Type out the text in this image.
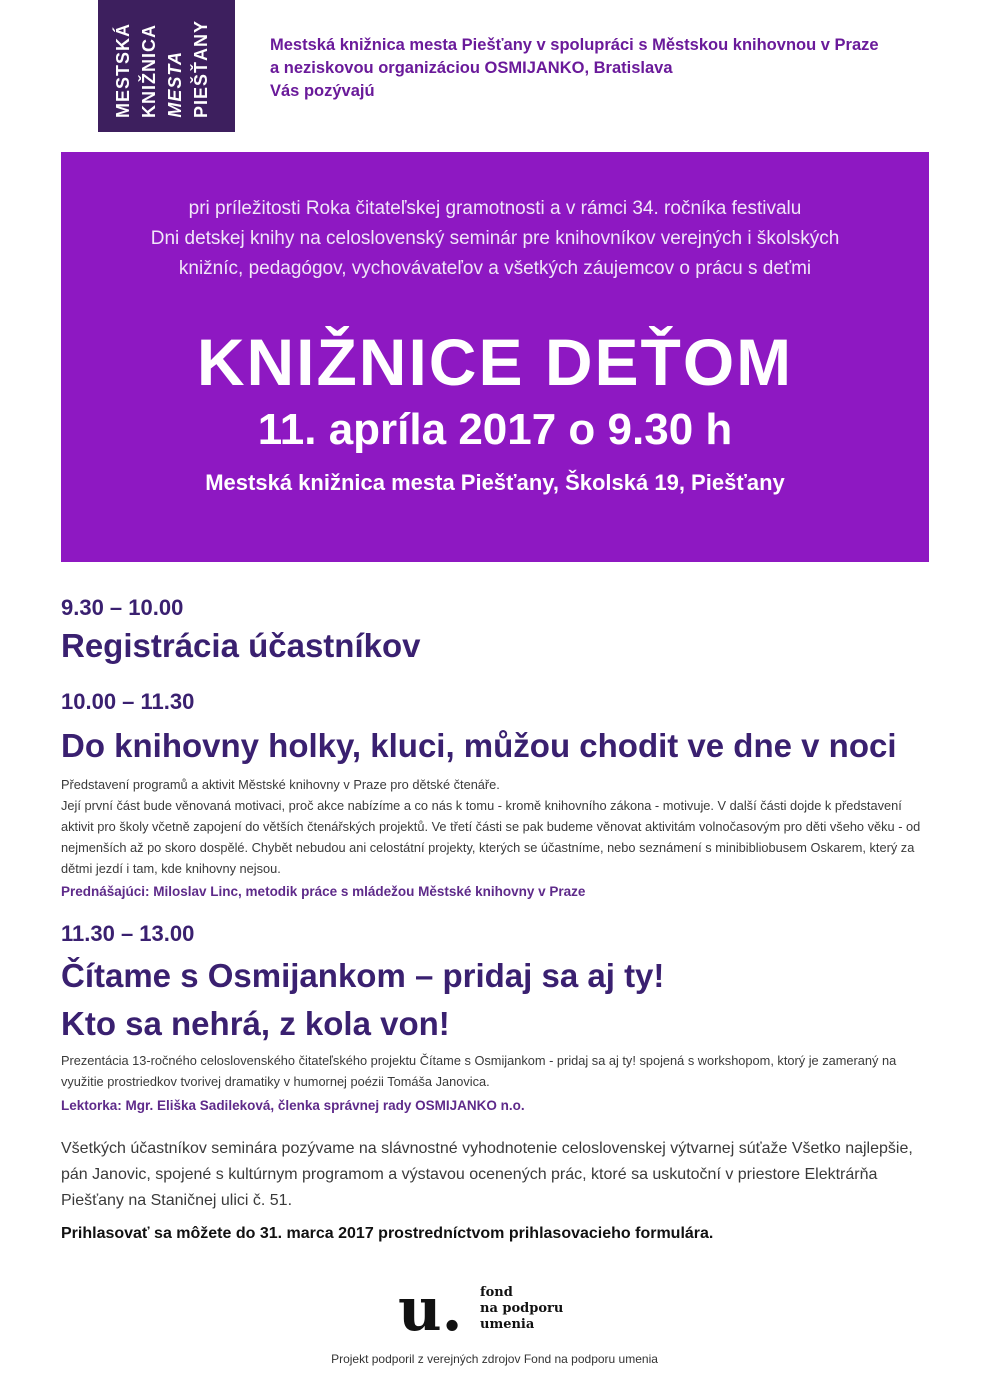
MESTSKÁ KNIŽNICA MESTA PIEŠŤANY	Mestská knižnica mesta Piešťany v spolupráci s Městskou knihovnou v Praze
a neziskovou organizáciou OSMIJANKO, Bratislava
Vás pozývajú
pri príležitosti Roka čitateľskej gramotnosti a v rámci 34. ročníka festivalu
Dni detskej knihy na celoslovenský seminár pre knihovníkov verejných i školských
knižníc, pedagógov, vychovávateľov a všetkých záujemcov o prácu s deťmi
KNIŽNICE DEŤOM
11. apríla 2017 o 9.30 h
Mestská knižnica mesta Piešťany, Školská 19, Piešťany
9.30 – 10.00
Registrácia účastníkov
10.00 – 11.30
Do knihovny holky, kluci, můžou chodit ve dne v noci
Představení programů a aktivit Městské knihovny v Praze pro dětské čtenáře.
Její první část bude věnovaná motivaci, proč akce nabízíme a co nás k tomu - kromě knihovního zákona - motivuje. V další části dojde k představení aktivit pro školy včetně zapojení do větších čtenářských projektů. Ve třetí části se pak budeme věnovat aktivitám volnočasovým pro děti všeho věku - od nejmenších až po skoro dospělé. Chybět nebudou ani celostátní projekty, kterých se účastníme, nebo seznámení s minibibliobusem Oskarem, který za dětmi jezdí i tam, kde knihovny nejsou.
Prednášajúci: Miloslav Linc, metodik práce s mládežou Městské knihovny v Praze
11.30 – 13.00
Čítame s Osmijankom – pridaj sa aj ty!
Kto sa nehrá, z kola von!
Prezentácia 13-ročného celoslovenského čitateľského projektu Čítame s Osmijankom - pridaj sa aj ty! spojená s workshopom, ktorý je zameraný na využitie prostriedkov tvorivej dramatiky v humornej poézii Tomáša Janovica.
Lektorka: Mgr. Eliška Sadileková, členka správnej rady OSMIJANKO n.o.
Všetkých účastníkov seminára pozývame na slávnostné vyhodnotenie celoslovenskej výtvarnej súťaže Všetko najlepšie, pán Janovic, spojené s kultúrnym programom a výstavou ocenených prác, ktoré sa uskutoční v priestore Elektrárňa Piešťany na Staničnej ulici č. 51.
Prihlasovať sa môžete do 31. marca 2017 prostredníctvom prihlasovacieho formulára.
u.	fond
na podporu
umenia
Projekt podporil z verejných zdrojov Fond na podporu umenia
